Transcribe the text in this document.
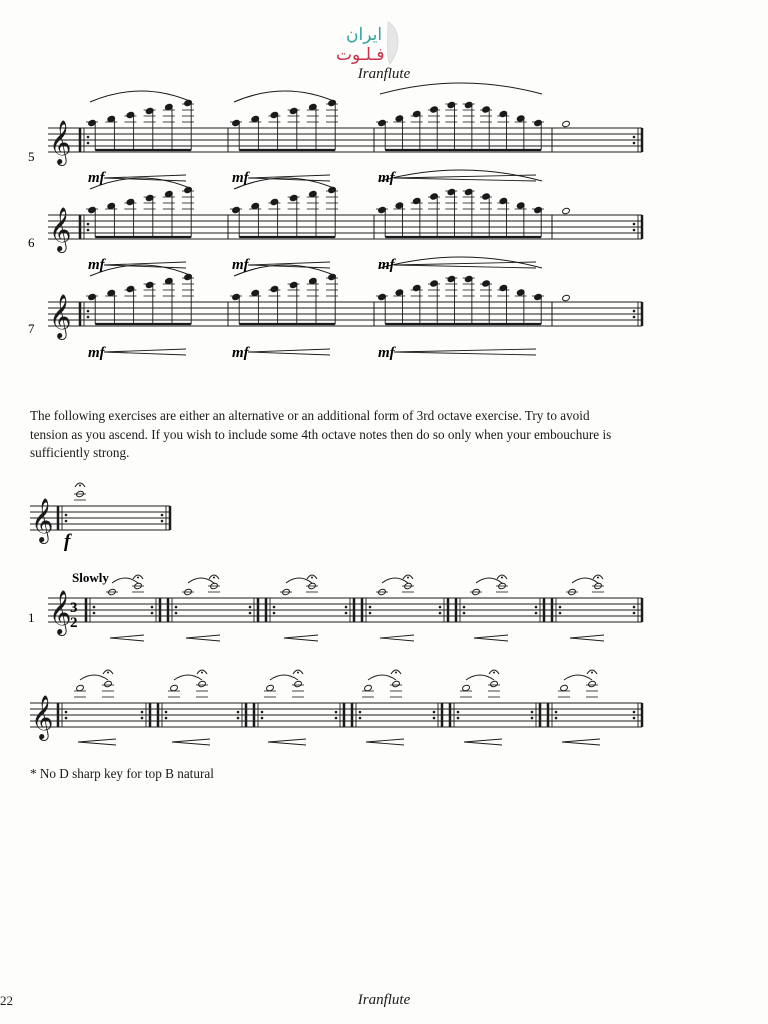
ایران
فـلـوت
Iranflute
𝄞
𝄞
𝄞
𝄞
𝄞
𝄞
5
6
7
1
mf	mf	mf
mf	mf	mf
mf	mf	mf
f
Slowly
3
2
The following exercises are either an alternative or an additional form of 3rd octave exercise. Try to avoid tension as you ascend. If you wish to include some 4th octave notes then do so only when your embouchure is sufficiently strong.
* No D sharp key for top B natural
22	Iranflute
